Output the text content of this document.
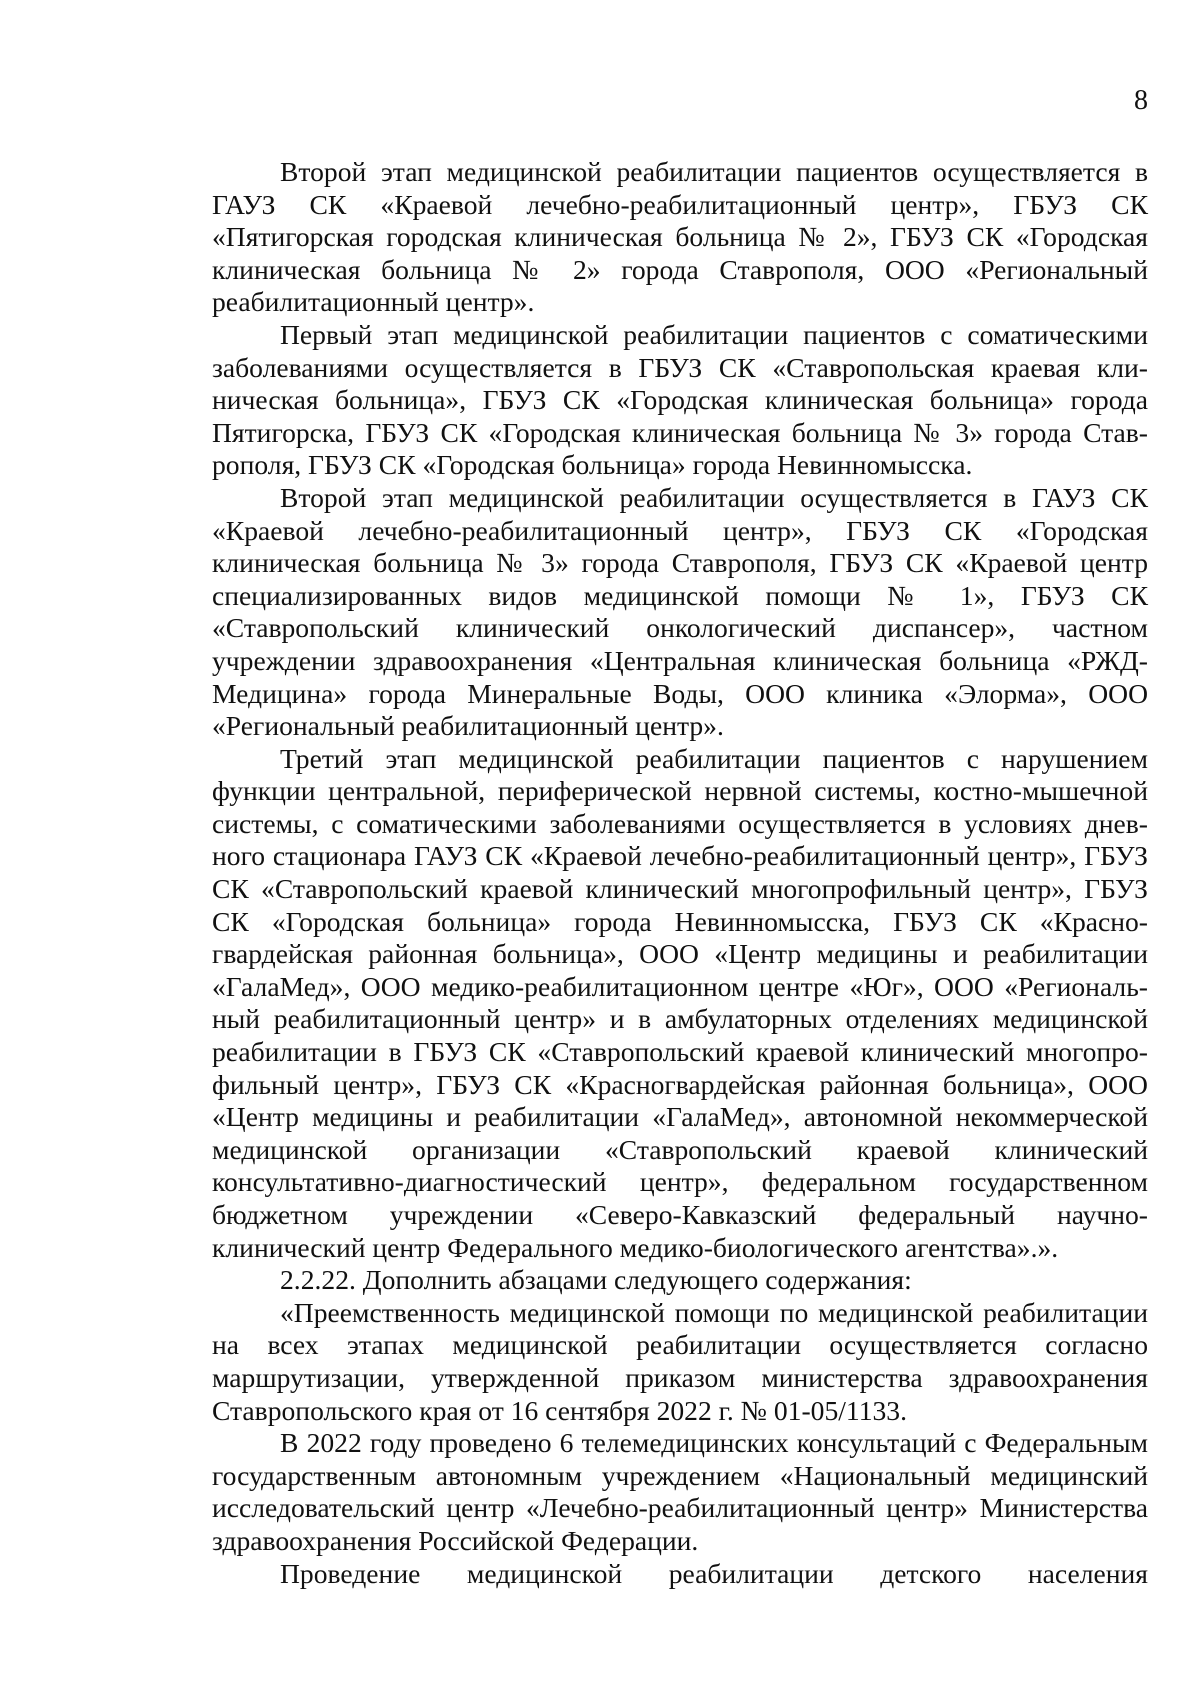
8

Второй этап медицинской реабилитации пациентов осуществляется в ГАУЗ СК «Краевой лечебно-реабилитационный центр», ГБУЗ СК «Пятигорская городская клиническая больница № 2», ГБУЗ СК «Городская клиническая больница № 2» города Ставрополя, ООО «Региональный реабилитационный центр».

Первый этап медицинской реабилитации пациентов с соматическими заболеваниями осуществляется в ГБУЗ СК «Ставропольская краевая клиническая больница», ГБУЗ СК «Городская клиническая больница» города Пятигорска, ГБУЗ СК «Городская клиническая больница № 3» города Ставрополя, ГБУЗ СК «Городская больница» города Невинномысска.

Второй этап медицинской реабилитации осуществляется в ГАУЗ СК «Краевой лечебно-реабилитационный центр», ГБУЗ СК «Городская клиническая больница № 3» города Ставрополя, ГБУЗ СК «Краевой центр специализированных видов медицинской помощи № 1», ГБУЗ СК «Ставропольский клинический онкологический диспансер», частном учреждении здравоохранения «Центральная клиническая больница «РЖД-Медицина» города Минеральные Воды, ООО клиника «Элорма», ООО «Региональный реабилитационный центр».

Третий этап медицинской реабилитации пациентов с нарушением функции центральной, периферической нервной системы, костно-мышечной системы, с соматическими заболеваниями осуществляется в условиях дневного стационара ГАУЗ СК «Краевой лечебно-реабилитационный центр», ГБУЗ СК «Ставропольский краевой клинический многопрофильный центр», ГБУЗ СК «Городская больница» города Невинномысска, ГБУЗ СК «Красногвардейская районная больница», ООО «Центр медицины и реабилитации «ГалаМед», ООО медико-реабилитационном центре «Юг», ООО «Региональный реабилитационный центр» и в амбулаторных отделениях медицинской реабилитации в ГБУЗ СК «Ставропольский краевой клинический многопрофильный центр», ГБУЗ СК «Красногвардейская районная больница», ООО «Центр медицины и реабилитации «ГалаМед», автономной некоммерческой медицинской организации «Ставропольский краевой клинический консультативно-диагностический центр», федеральном государственном бюджетном учреждении «Северо-Кавказский федеральный научно-клинический центр Федерального медико-биологического агентства».».

2.2.22. Дополнить абзацами следующего содержания:

«Преемственность медицинской помощи по медицинской реабилитации на всех этапах медицинской реабилитации осуществляется согласно маршрутизации, утвержденной приказом министерства здравоохранения Ставропольского края от 16 сентября 2022 г. № 01-05/1133.

В 2022 году проведено 6 телемедицинских консультаций с Федеральным государственным автономным учреждением «Национальный медицинский исследовательский центр «Лечебно-реабилитационный центр» Министерства здравоохранения Российской Федерации.

Проведение медицинской реабилитации детского населения
